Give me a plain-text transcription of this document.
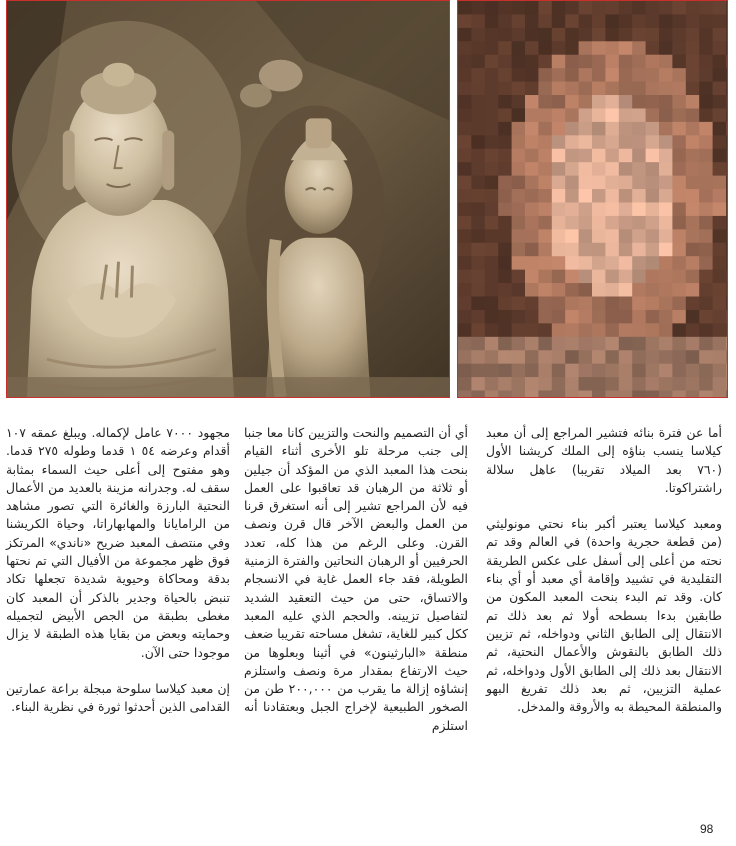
أما عن فترة بنائه فتشير المراجع إلى أن معبد كيلاسا ينسب بناؤه إلى الملك كريشنا الأول (٧٦٠ بعد الميلاد تقريبا) عاهل سلالة راشتراكوتا.

ومعبد كيلاسا يعتبر أكبر بناء نحتي مونوليثي (من قطعة حجرية واحدة) في العالم وقد تم نحته من أعلى إلى أسفل على عكس الطريقة التقليدية في تشييد وإقامة أي معبد أو أي بناء كان. وقد تم البدء بنحت المعبد المكون من طابقين بدءا بسطحه أولا ثم بعد ذلك تم الانتقال إلى الطابق الثاني ودواخله، ثم تزيين ذلك الطابق بالنقوش والأعمال النحتية، ثم الانتقال بعد ذلك إلى الطابق الأول ودواخله، ثم عملية التزيين، ثم بعد ذلك تفريغ البهو والمنطقة المحيطة به والأروقة والمدخل.

أي أن التصميم والنحت والتزيين كانا معا جنبا إلى جنب مرحلة تلو الأخرى أثناء القيام بنحت هذا المعبد الذي من المؤكد أن جيلين أو ثلاثة من الرهبان قد تعاقبوا على العمل فيه لأن المراجع تشير إلى أنه استغرق قرنا من العمل والبعض الآخر قال قرن ونصف القرن. وعلى الرغم من هذا كله، تعدد الحرفيين أو الرهبان النحاتين والفترة الزمنية الطويلة، فقد جاء العمل غاية في الانسجام والاتساق، حتى من حيث التعقيد الشديد لتفاصيل تزيينه. والحجم الذي عليه المعبد ككل كبير للغاية، تشغل مساحته تقريبا ضعف منطقة «البارثينون» في أثينا وبعلوها من حيث الارتفاع بمقدار مرة ونصف واستلزم إنشاؤه إزالة ما يقرب من ٢٠٠,٠٠٠ طن من الصخور الطبيعية لإخراج الجبل وبعتقادنا أنه استلزم

مجهود ٧٠٠٠ عامل لإكماله. ويبلغ عمقه ١٠٧ أقدام وعرضه ٥٤ ١ قدما وطوله ٢٧٥ قدما. وهو مفتوح إلى أعلى حيث السماء بمثابة سقف له. وجدرانه مزينة بالعديد من الأعمال النحتية البارزة والغائرة التي تصور مشاهد من الرامايانا والمهابهاراتا، وحياة الكريشنا وفي منتصف المعبد ضريح «ناندي» المرتكز فوق ظهر مجموعة من الأفيال التي تم نحتها بدقة ومحاكاة وحيوية شديدة تجعلها تكاد تنبض بالحياة وجدير بالذكر أن المعبد كان مغطى بطبقة من الجص الأبيض لتجميله وحمايته وبعض من بقايا هذه الطبقة لا يزال موجودا حتى الآن.

إن معبد كيلاسا سلوحة مبجلة براعة عمارتين القدامى الذين أحدثوا ثورة في نظرية البناء.

98
